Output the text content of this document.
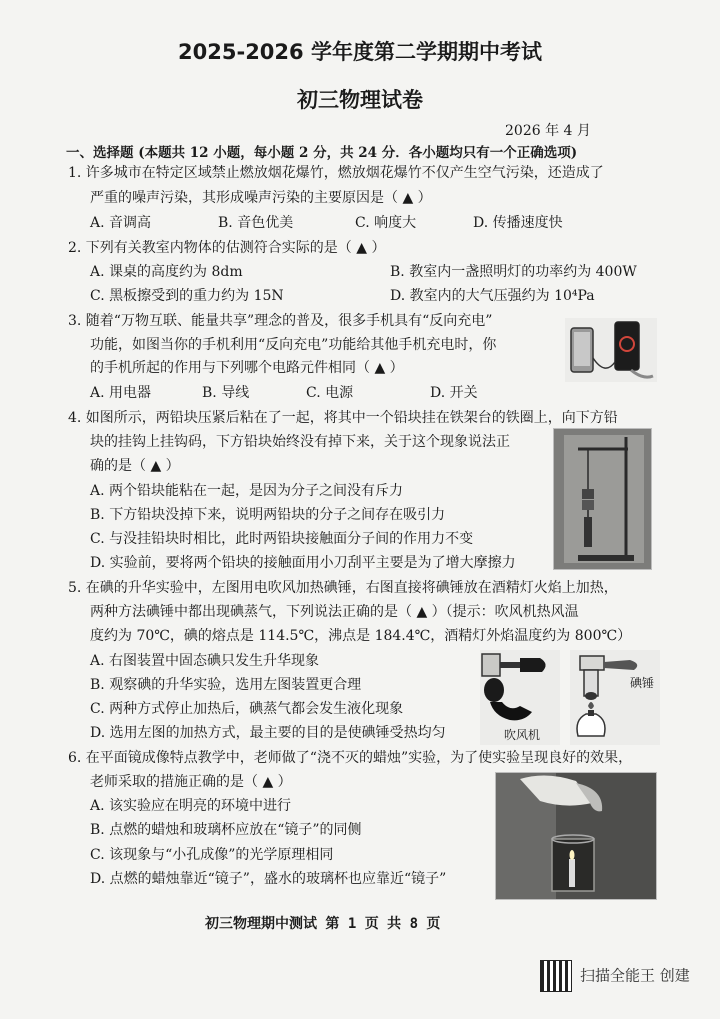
2025-2026 学年度第二学期期中考试
初三物理试卷
2026 年 4 月
一、选择题 (本题共 12 小题，每小题 2 分，共 24 分．各小题均只有一个正确选项)
1. 许多城市在特定区域禁止燃放烟花爆竹，燃放烟花爆竹不仅产生空气污染，还造成了
严重的噪声污染，其形成噪声污染的主要原因是（ ▲ ）
A. 音调高	B. 音色优美	C. 响度大	D. 传播速度快
2. 下列有关教室内物体的估测符合实际的是（ ▲ ）
A. 课桌的高度约为 8dm	B. 教室内一盏照明灯的功率约为 400W
C. 黑板擦受到的重力约为 15N	D. 教室内的大气压强约为 10⁴Pa
3. 随着“万物互联、能量共享”理念的普及，很多手机具有“反向充电”
功能，如图当你的手机利用“反向充电”功能给其他手机充电时，你
的手机所起的作用与下列哪个电路元件相同（ ▲ ）
A. 用电器	B. 导线	C. 电源	D. 开关
4. 如图所示，两铅块压紧后粘在了一起，将其中一个铅块挂在铁架台的铁圈上，向下方铅
块的挂钩上挂钩码，下方铅块始终没有掉下来，关于这个现象说法正
确的是（ ▲ ）
A. 两个铅块能粘在一起，是因为分子之间没有斥力
B. 下方铅块没掉下来，说明两铅块的分子之间存在吸引力
C. 与没挂铅块时相比，此时两铅块接触面分子间的作用力不变
D. 实验前，要将两个铅块的接触面用小刀刮平主要是为了增大摩擦力
5. 在碘的升华实验中，左图用电吹风加热碘锤，右图直接将碘锤放在酒精灯火焰上加热，
两种方法碘锤中都出现碘蒸气，下列说法正确的是（ ▲ ）（提示：吹风机热风温
度约为 70℃，碘的熔点是 114.5℃，沸点是 184.4℃，酒精灯外焰温度约为 800℃）
A. 右图装置中固态碘只发生升华现象
B. 观察碘的升华实验，选用左图装置更合理
C. 两种方式停止加热后，碘蒸气都会发生液化现象
D. 选用左图的加热方式，最主要的目的是使碘锤受热均匀	吹风机
碘锤
6. 在平面镜成像特点教学中，老师做了“浇不灭的蜡烛”实验，为了使实验呈现良好的效果，
老师采取的措施正确的是（ ▲ ）
A. 该实验应在明亮的环境中进行
B. 点燃的蜡烛和玻璃杯应放在“镜子”的同侧
C. 该现象与“小孔成像”的光学原理相同
D. 点燃的蜡烛靠近“镜子”，盛水的玻璃杯也应靠近“镜子”
初三物理期中测试 第 1 页 共 8 页
扫描全能王 创建
